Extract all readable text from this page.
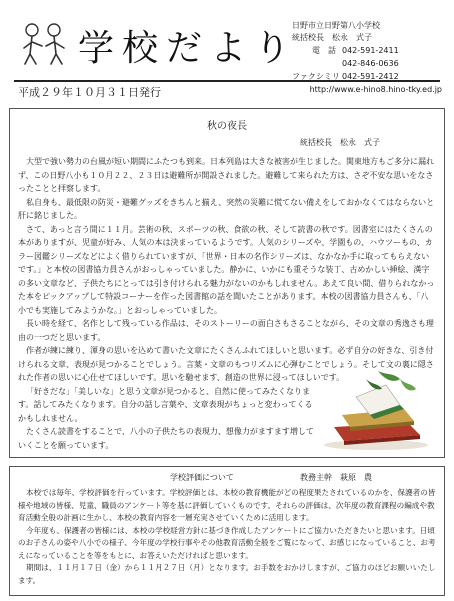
学校だより
日野市立日野第八小学校
統括校長　松永　式子
電　話 042-591-2411
042-846-0636
ファクシミリ 042-591-2412
http://www.e-hino8.hino-tky.ed.jp
平成２９年１０月３１日発行
秋の夜長
統括校長　松永　式子

大型で強い勢力の台風が短い期間にふたつも到来。日本列島は大きな被害が生じました。関東地方もご多分に漏れず、この日野八小も１０月２２、２３日は避難所が開設されました。避難して来られた方は、さぞ不安な思いをなさったことと拝察します。

私自身も、最低限の防災・避難グッズをきちんと揃え、突然の災難に慌てない備えをしておかなくてはならないと肝に銘じました。

さて、あっと言う間に１１月。芸術の秋、スポーツの秋、食欲の秋、そして読書の秋です。図書室にはたくさんの本がありますが、児童が好み、人気の本は決まっているようです。人気のシリーズや、学園もの、ハウツーもの、カラー図鑑シリーズなどによく借りられていますが、「世界・日本の名作シリーズは、なかなか手に取ってもらえないです。」と本校の図書協力員さんがおっしゃっていました。静かに、いかにも重そうな装丁、古めかしい挿絵、漢字の多い文章など、子供たちにとっては引き付けられる魅力がないのかもしれません。あえて良い間、借りられなかった本をピックアップして特設コーナーを作った図書館の話を聞いたことがあります。本校の図書協力員さんも、「八小でも実施してみようかな。」とおっしゃっていました。

長い時を経て、名作として残っている作品は、そのストーリーの面白さもさることながら、その文章の秀逸さも理由の一つだと思います。

作者が練に練り、渾身の思いを込めて書いた文章にたくさんふれてほしいと思います。必ず自分の好きな、引き付けられる文章、表現が見つかることでしょう。言葉・文章のもつリズムに心弾むことでしょう。そして文の裏に隠された作者の思いに心仕せてほしいです。思いを馳せます、創造の世界に浸ってほしいです。

「好きだな」「美しいな」と思う文章が見つかると、自然に使ってみたくなります。話してみたくなります。自分の話し言葉や、文章表現がちょっと変わってくるかもしれません。

たくさん読書をすることで、八小の子供たちの表現力、想像力がますます増していくことを願っています。

学校評価について	教務主幹　萩原　農

本校では毎年、学校評価を行っています。学校評価とは、本校の教育機能がどの程度果たされているのかを、保護者の皆様や地域の皆様、児童、職員のアンケート等を基に評価していくものです。それらの評価は、次年度の教育課程の編成や教育活動全般の計画に生かし、本校の教育内容を一層充実させていくために活用します。

今年度も、保護者の皆様には、本校の学校経営方針に基づき作成したアンケートにご協力いただきたいと思います。日頃のお子さんの姿や八小での様子、今年度の学校行事やその他教育活動全般をご覧になって、お感じになっていること、お考えになっていることを等をもとに、お答えいただければと思います。

期間は、１１月１７日（金）から１１月２７日（月）となります。お手数をおかけしますが、ご協力のほどお願いいたします。
